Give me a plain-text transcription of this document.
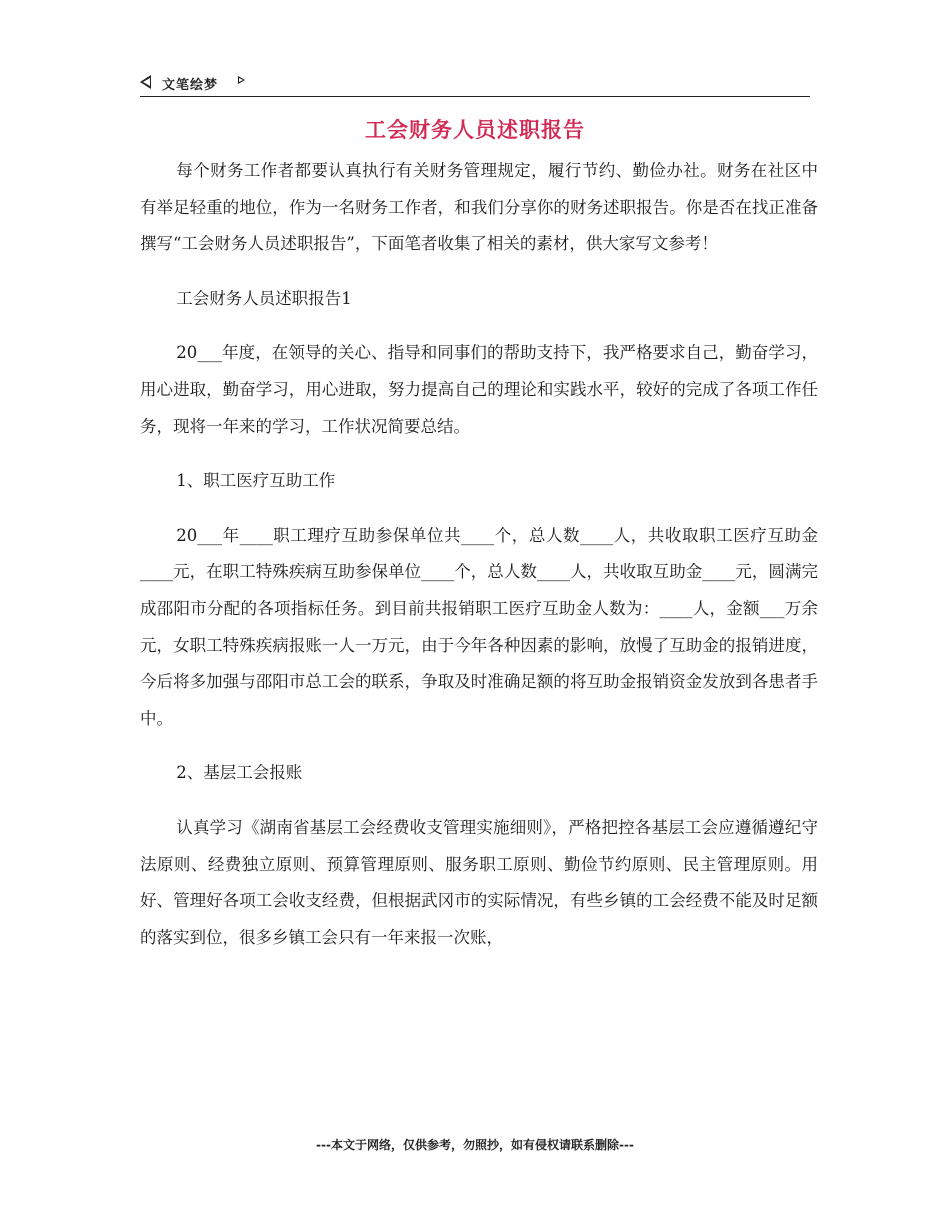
文笔绘梦
工会财务人员述职报告

每个财务工作者都要认真执行有关财务管理规定，履行节约、勤俭办社。财务在社区中有举足轻重的地位，作为一名财务工作者，和我们分享你的财务述职报告。你是否在找正准备撰写“工会财务人员述职报告”，下面笔者收集了相关的素材，供大家写文参考！

工会财务人员述职报告1

20___年度，在领导的关心、指导和同事们的帮助支持下，我严格要求自己，勤奋学习，用心进取，勤奋学习，用心进取，努力提高自己的理论和实践水平，较好的完成了各项工作任务，现将一年来的学习，工作状况简要总结。

1、职工医疗互助工作

20___年____职工理疗互助参保单位共____个，总人数____人，共收取职工医疗互助金____元，在职工特殊疾病互助参保单位____个，总人数____人，共收取互助金____元，圆满完成邵阳市分配的各项指标任务。到目前共报销职工医疗互助金人数为：____人，金额___万余元，女职工特殊疾病报账一人一万元，由于今年各种因素的影响，放慢了互助金的报销进度，今后将多加强与邵阳市总工会的联系，争取及时准确足额的将互助金报销资金发放到各患者手中。

2、基层工会报账

认真学习《湖南省基层工会经费收支管理实施细则》，严格把控各基层工会应遵循遵纪守法原则、经费独立原则、预算管理原则、服务职工原则、勤俭节约原则、民主管理原则。用好、管理好各项工会收支经费，但根据武冈市的实际情况，有些乡镇的工会经费不能及时足额的落实到位，很多乡镇工会只有一年来报一次账，

---本文于网络，仅供参考，勿照抄，如有侵权请联系删除---
